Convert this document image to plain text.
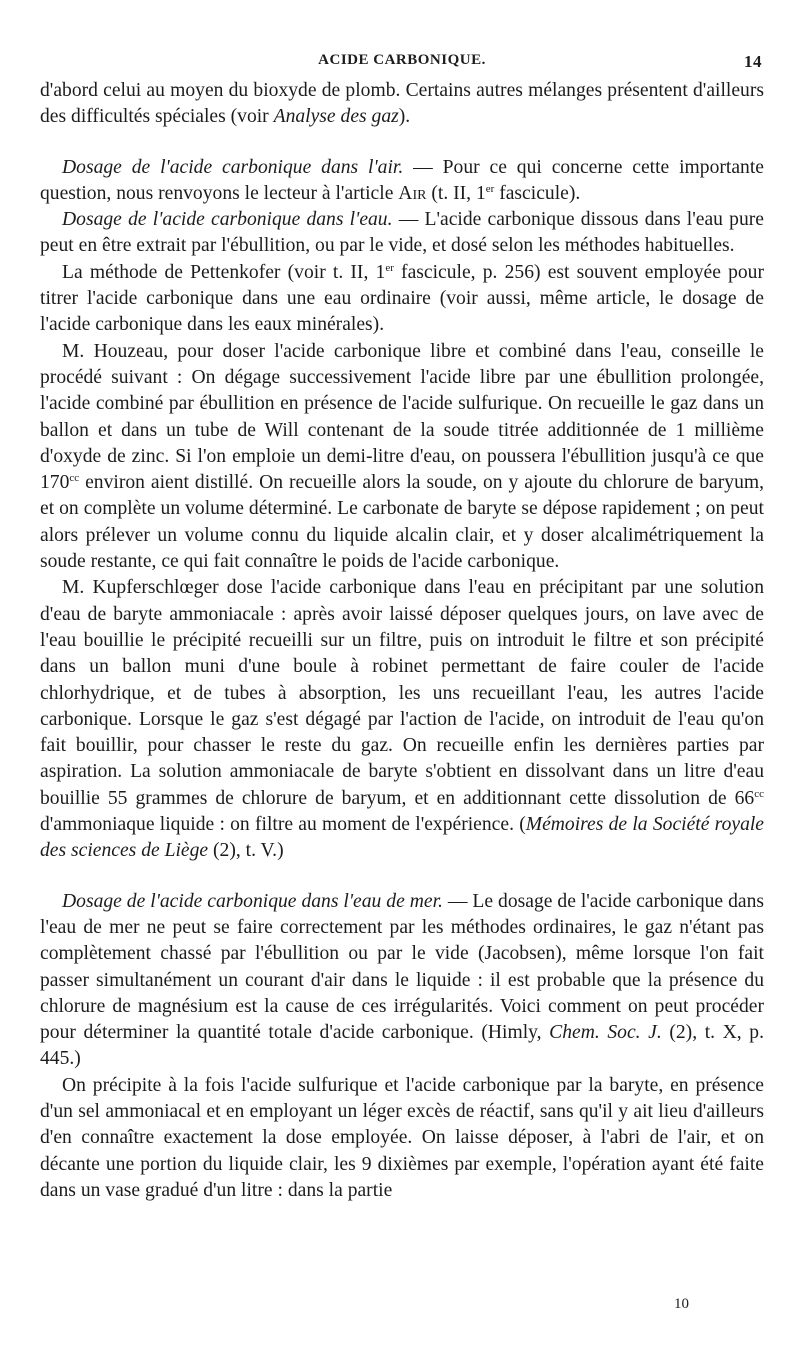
ACIDE CARBONIQUE.	14

d'abord celui au moyen du bioxyde de plomb. Certains autres mélanges présentent d'ailleurs des difficultés spéciales (voir Analyse des gaz).

Dosage de l'acide carbonique dans l'air. — Pour ce qui concerne cette importante question, nous renvoyons le lecteur à l'article Air (t. II, 1er fascicule).

Dosage de l'acide carbonique dans l'eau. — L'acide carbonique dissous dans l'eau pure peut en être extrait par l'ébullition, ou par le vide, et dosé selon les méthodes habituelles.

La méthode de Pettenkofer (voir t. II, 1er fascicule, p. 256) est souvent employée pour titrer l'acide carbonique dans une eau ordinaire (voir aussi, même article, le dosage de l'acide carbonique dans les eaux minérales).

M. Houzeau, pour doser l'acide carbonique libre et combiné dans l'eau, conseille le procédé suivant : On dégage successivement l'acide libre par une ébullition prolongée, l'acide combiné par ébullition en présence de l'acide sulfurique. On recueille le gaz dans un ballon et dans un tube de Will contenant de la soude titrée additionnée de 1 millième d'oxyde de zinc. Si l'on emploie un demi-litre d'eau, on poussera l'ébullition jusqu'à ce que $170^{cc}$ environ aient distillé. On recueille alors la soude, on y ajoute du chlorure de baryum, et on complète un volume déterminé. Le carbonate de baryte se dépose rapidement ; on peut alors prélever un volume connu du liquide alcalin clair, et y doser alcalimétriquement la soude restante, ce qui fait connaître le poids de l'acide carbonique.

M. Kupferschlœger dose l'acide carbonique dans l'eau en précipitant par une solution d'eau de baryte ammoniacale : après avoir laissé déposer quelques jours, on lave avec de l'eau bouillie le précipité recueilli sur un filtre, puis on introduit le filtre et son précipité dans un ballon muni d'une boule à robinet permettant de faire couler de l'acide chlorhydrique, et de tubes à absorption, les uns recueillant l'eau, les autres l'acide carbonique. Lorsque le gaz s'est dégagé par l'action de l'acide, on introduit de l'eau qu'on fait bouillir, pour chasser le reste du gaz. On recueille enfin les dernières parties par aspiration. La solution ammoniacale de baryte s'obtient en dissolvant dans un litre d'eau bouillie 55 grammes de chlorure de baryum, et en additionnant cette dissolution de $66^{cc}$ d'ammoniaque liquide : on filtre au moment de l'expérience. (Mémoires de la Société royale des sciences de Liège (2), t. V.)

Dosage de l'acide carbonique dans l'eau de mer. — Le dosage de l'acide carbonique dans l'eau de mer ne peut se faire correctement par les méthodes ordinaires, le gaz n'étant pas complètement chassé par l'ébullition ou par le vide (Jacobsen), même lorsque l'on fait passer simultanément un courant d'air dans le liquide : il est probable que la présence du chlorure de magnésium est la cause de ces irrégularités. Voici comment on peut procéder pour déterminer la quantité totale d'acide carbonique. (Himly, Chem. Soc. J. (2), t. X, p. 445.)

On précipite à la fois l'acide sulfurique et l'acide carbonique par la baryte, en présence d'un sel ammoniacal et en employant un léger excès de réactif, sans qu'il y ait lieu d'ailleurs d'en connaître exactement la dose employée. On laisse déposer, à l'abri de l'air, et on décante une portion du liquide clair, les 9 dixièmes par exemple, l'opération ayant été faite dans un vase gradué d'un litre : dans la partie

10
